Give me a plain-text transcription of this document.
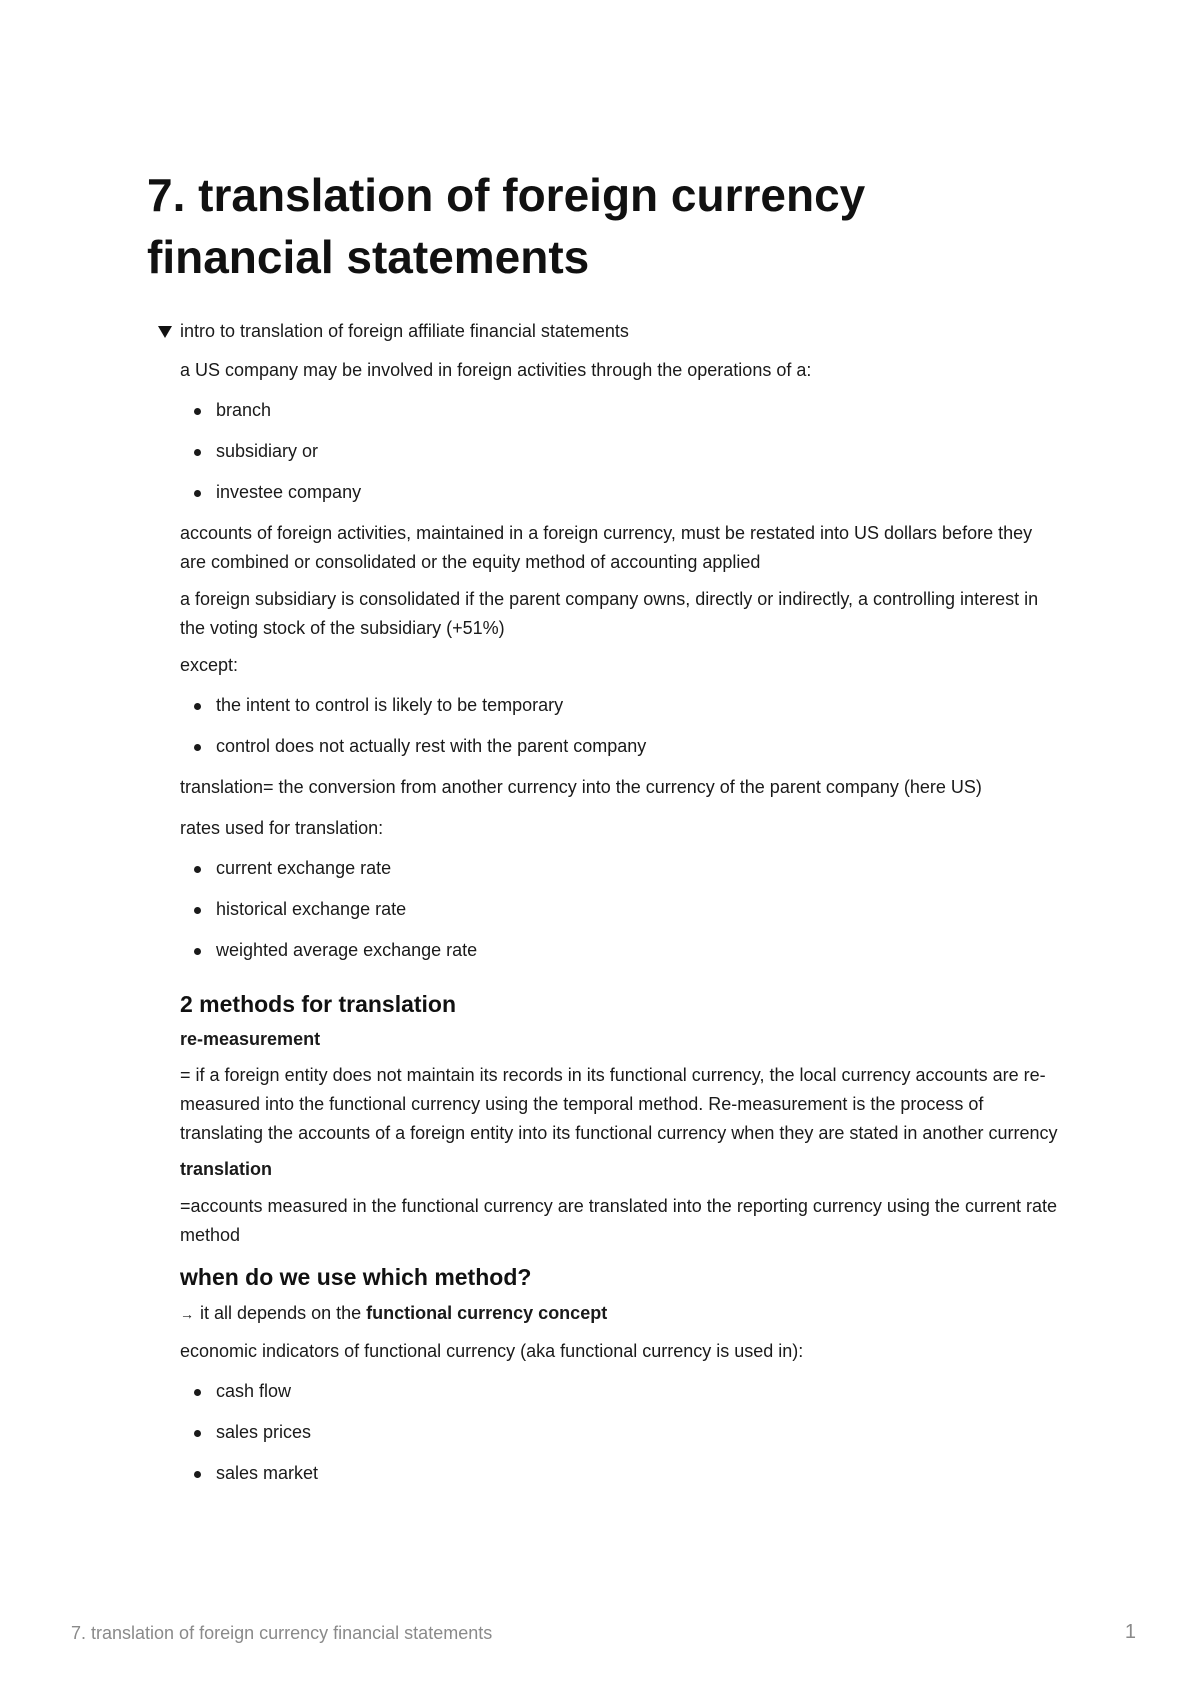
7. translation of foreign currency financial statements
intro to translation of foreign affiliate financial statements

a US company may be involved in foreign activities through the operations of a:

branch
subsidiary or
investee company

accounts of foreign activities, maintained in a foreign currency, must be restated into US dollars before they are combined or consolidated or the equity method of accounting applied

a foreign subsidiary is consolidated if the parent company owns, directly or indirectly, a controlling interest in the voting stock of the subsidiary (+51%)

except:

the intent to control is likely to be temporary
control does not actually rest with the parent company

translation= the conversion from another currency into the currency of the parent company (here US)

rates used for translation:

current exchange rate
historical exchange rate
weighted average exchange rate
2 methods for translation

re-measurement

= if a foreign entity does not maintain its records in its functional currency, the local currency accounts are re-measured into the functional currency using the temporal method. Re-measurement is the process of translating the accounts of a foreign entity into its functional currency when they are stated in another currency

translation

=accounts measured in the functional currency are translated into the reporting currency using the current rate method

when do we use which method?

→ it all depends on the functional currency concept

economic indicators of functional currency (aka functional currency is used in):

cash flow
sales prices
sales market
7. translation of foreign currency financial statements	1
